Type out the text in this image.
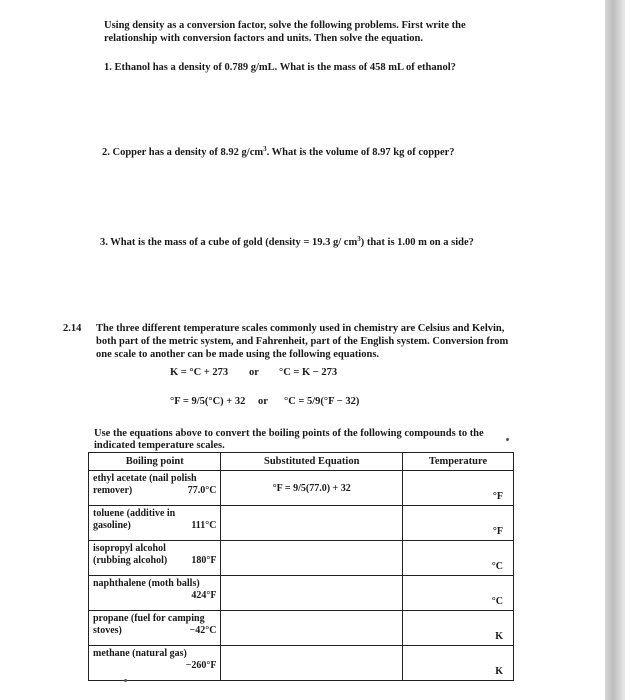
Using density as a conversion factor, solve the following problems. First write the
relationship with conversion factors and units. Then solve the equation.
1. Ethanol has a density of 0.789 g/mL. What is the mass of 458 mL of ethanol?
2. Copper has a density of 8.92 $g/cm^3$. What is the volume of 8.97 kg of copper?
3. What is the mass of a cube of gold (density = 19.3 g/ $cm^3$) that is 1.00 m on a side?
2.14 The three different temperature scales commonly used in chemistry are Celsius and Kelvin,
both part of the metric system, and Fahrenheit, part of the English system. Conversion from
one scale to another can be made using the following equations.
K = °C + 273 or °C = K − 273
°F = 9/5(°C) + 32 or °C = 5/9(°F − 32)
Use the equations above to convert the boiling points of the following compounds to the
indicated temperature scales.
Boiling point	Substituted Equation	Temperature

ethyl acetate (nail polish
remover) 77.0°C	°F = 9/5(77.0) + 32	°F

toluene (additive in
gasoline) 111°C		°F

isopropyl alcohol
(rubbing alcohol) 180°F		°C

naphthalene (moth balls)
424°F		°C

propane (fuel for camping
stoves) −42°C		K

methane (natural gas)
−260°F		K
